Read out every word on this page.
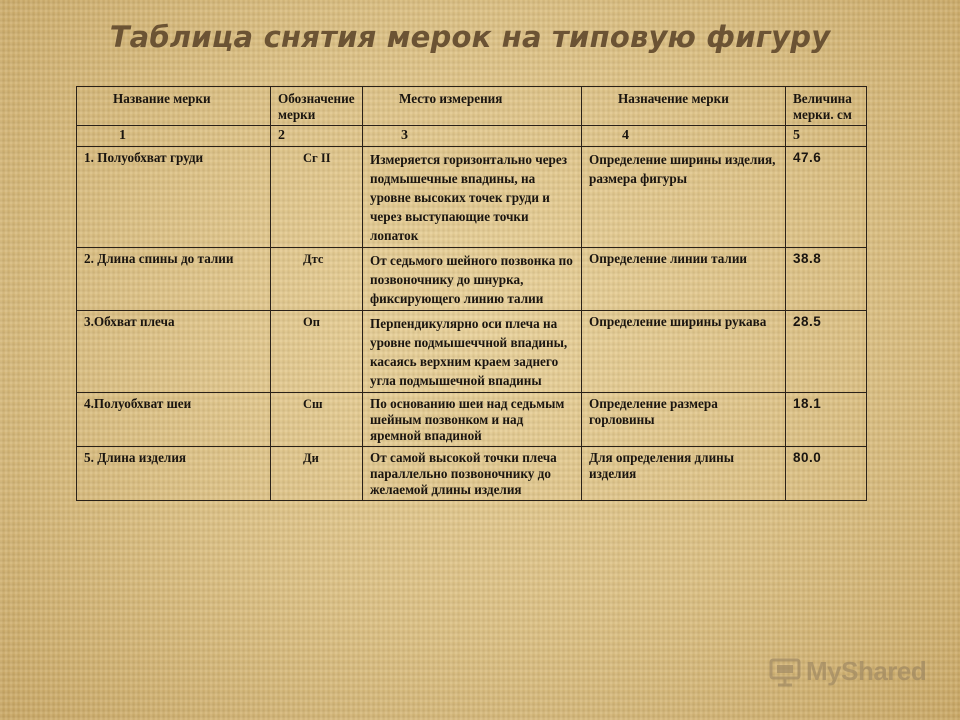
Таблица снятия мерок на типовую фигуру
Название мерки	Обозначение мерки	Место измерения	Назначение мерки	Величина мерки. см
1	2	3	4	5
1. Полуобхват груди	Сг II	Измеряется горизонтально через подмышечные впадины, на уровне высоких точек груди и через выступающие точки лопаток	Определение ширины изделия, размера фигуры	47.6
2. Длина спины до талии	Дтс	От седьмого шейного позвонка по позвоночнику до шнурка, фиксирующего линию талии	Определение линии талии	38.8
3.Обхват плеча	Оп	Перпендикулярно оси плеча на уровне подмышеччной впадины, касаясь верхним краем заднего угла подмышечной впадины	Определение ширины рукава	28.5
4.Полуобхват шеи	Сш	По основанию шеи над седьмым шейным позвонком и над яремной впадиной	Определение размера горловины	18.1
5. Длина изделия	Ди	От самой высокой точки плеча параллельно позвоночнику до желаемой длины изделия	Для определения длины изделия	80.0
MyShared
